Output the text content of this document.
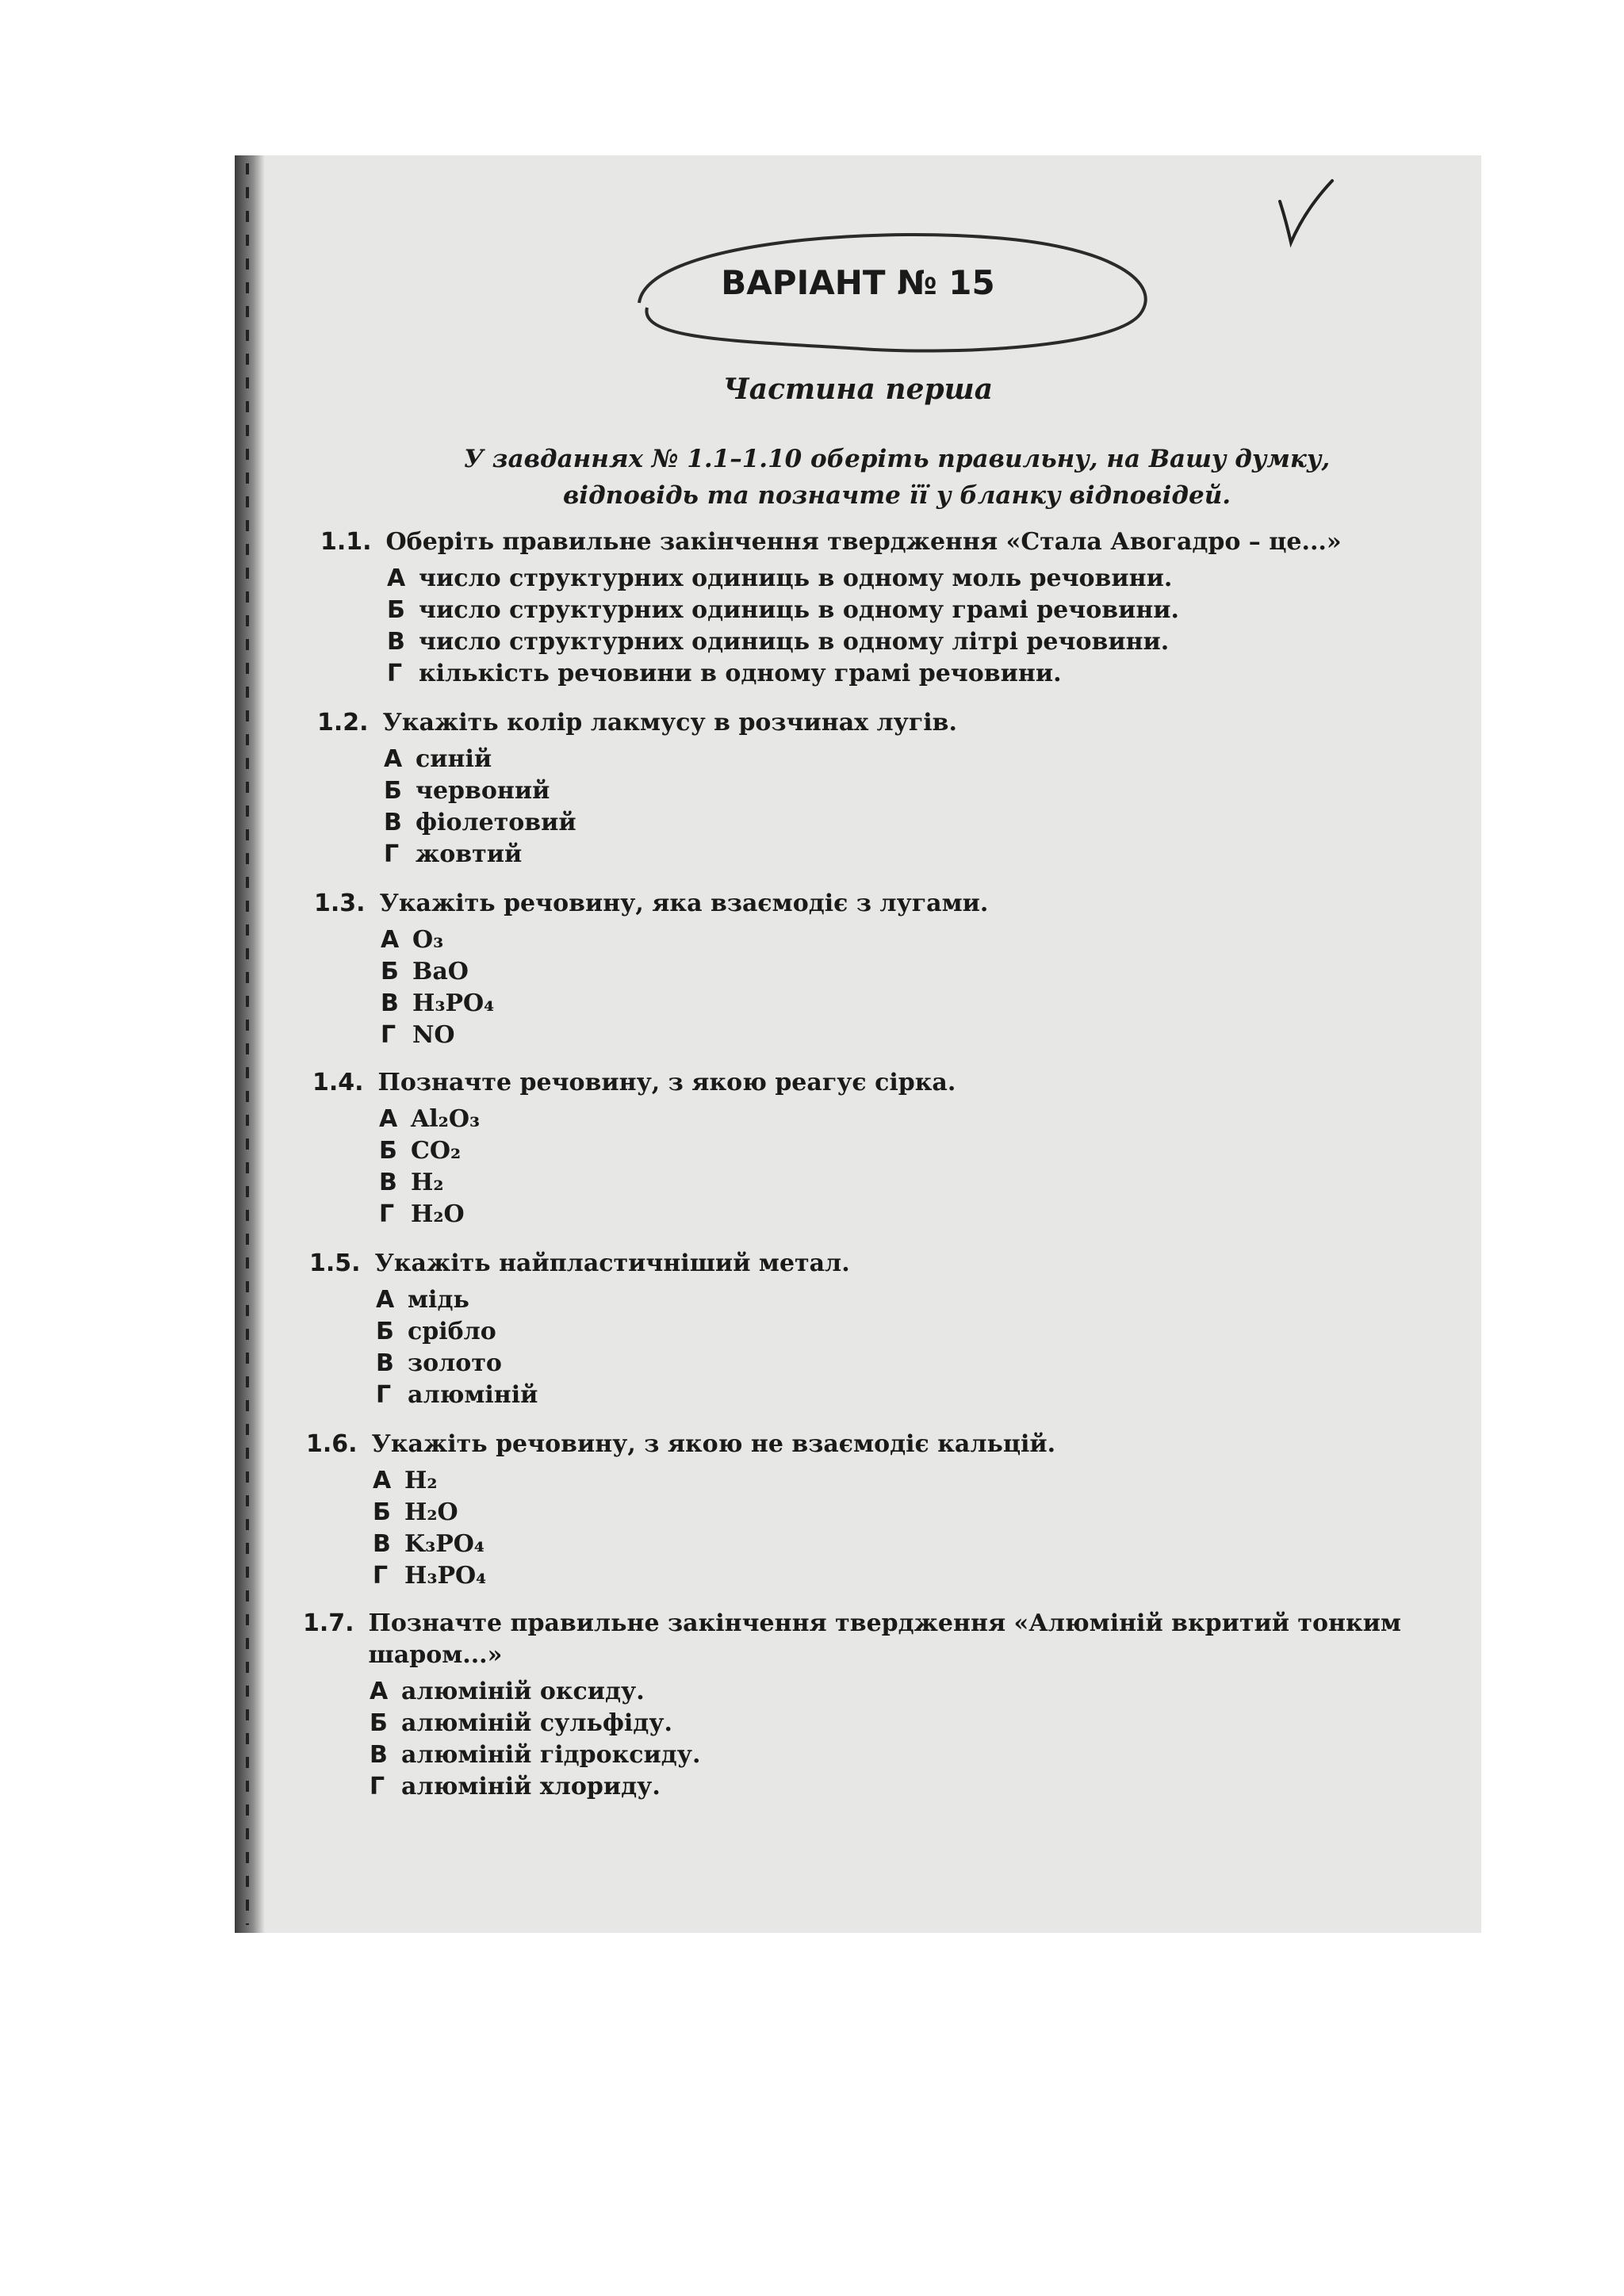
ВАРІАНТ № 15
Частина перша
У завданнях № 1.1–1.10 оберіть правильну, на Вашу думку, відповідь та позначте її у бланку відповідей.
1.1. Оберіть правильне закінчення твердження «Стала Авогадро – це...»
А число структурних одиниць в одному моль речовини.
Б число структурних одиниць в одному грамі речовини.
В число структурних одиниць в одному літрі речовини.
Г кількість речовини в одному грамі речовини.
1.2. Укажіть колір лакмусу в розчинах лугів.
А синій
Б червоний
В фіолетовий
Г жовтий
1.3. Укажіть речовину, яка взаємодіє з лугами.
А O₃
Б BaO
В H₃PO₄
Г NO
1.4. Позначте речовину, з якою реагує сірка.
А Al₂O₃
Б CO₂
В H₂
Г H₂O
1.5. Укажіть найпластичніший метал.
А мідь
Б срібло
В золото
Г алюміній
1.6. Укажіть речовину, з якою не взаємодіє кальцій.
А H₂
Б H₂O
В K₃PO₄
Г H₃PO₄
1.7. Позначте правильне закінчення твердження «Алюміній вкритий тонким шаром...»
А алюміній оксиду.
Б алюміній сульфіду.
В алюміній гідроксиду.
Г алюміній хлориду.
